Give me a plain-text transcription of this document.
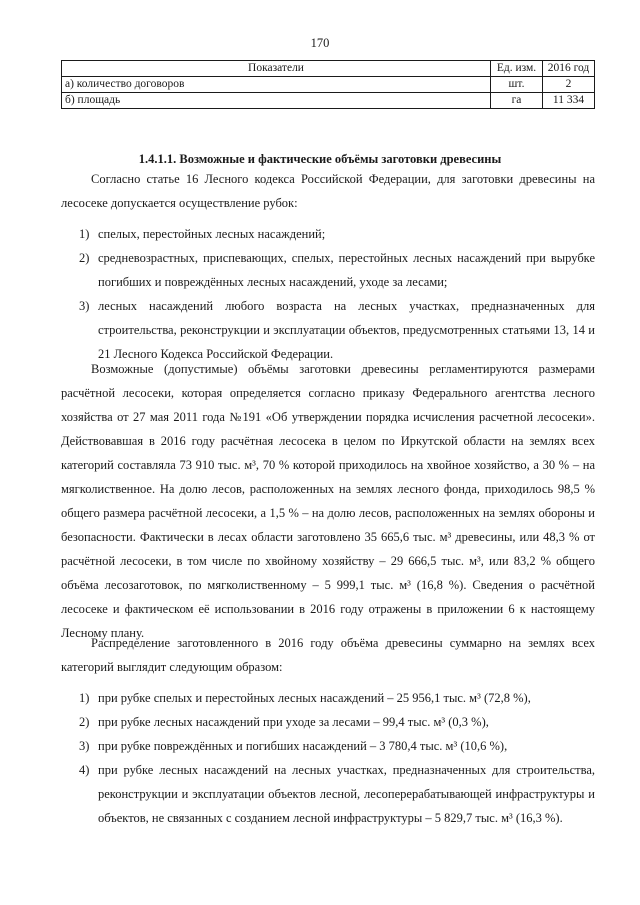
170
Показатели	Ед. изм.	2016 год
а) количество договоров	шт.	2
б) площадь	га	11 334
1.4.1.1. Возможные и фактические объёмы заготовки древесины

Согласно статье 16 Лесного кодекса Российской Федерации, для заготовки древесины на лесосеке допускается осуществление рубок:

1) спелых, перестойных лесных насаждений;
2) средневозрастных, приспевающих, спелых, перестойных лесных насаждений при вырубке погибших и повреждённых лесных насаждений, уходе за лесами;
3) лесных насаждений любого возраста на лесных участках, предназначенных для строительства, реконструкции и эксплуатации объектов, предусмотренных статьями 13, 14 и 21 Лесного Кодекса Российской Федерации.

Возможные (допустимые) объёмы заготовки древесины регламентируются размерами расчётной лесосеки, которая определяется согласно приказу Федерального агентства лесного хозяйства от 27 мая 2011 года №191 «Об утверждении порядка исчисления расчетной лесосеки». Действовавшая в 2016 году расчётная лесосека в целом по Иркутской области на землях всех категорий составляла 73 910 тыс. м³, 70 % которой приходилось на хвойное хозяйство, а 30 % – на мягколиственное. На долю лесов, расположенных на землях лесного фонда, приходилось 98,5 % общего размера расчётной лесосеки, а 1,5 % – на долю лесов, расположенных на землях обороны и безопасности. Фактически в лесах области заготовлено 35 665,6 тыс. м³ древесины, или 48,3 % от расчётной лесосеки, в том числе по хвойному хозяйству – 29 666,5 тыс. м³, или 83,2 % общего объёма лесозаготовок, по мягколиственному – 5 999,1 тыс. м³ (16,8 %). Сведения о расчётной лесосеке и фактическом её использовании в 2016 году отражены в приложении 6 к настоящему Лесному плану.

Распределение заготовленного в 2016 году объёма древесины суммарно на землях всех категорий выглядит следующим образом:

1) при рубке спелых и перестойных лесных насаждений – 25 956,1 тыс. м³ (72,8 %),
2) при рубке лесных насаждений при уходе за лесами – 99,4 тыс. м³ (0,3 %),
3) при рубке повреждённых и погибших насаждений – 3 780,4 тыс. м³ (10,6 %),
4) при рубке лесных насаждений на лесных участках, предназначенных для строительства, реконструкции и эксплуатации объектов лесной, лесоперерабатывающей инфраструктуры и объектов, не связанных с созданием лесной инфраструктуры – 5 829,7 тыс. м³ (16,3 %).
